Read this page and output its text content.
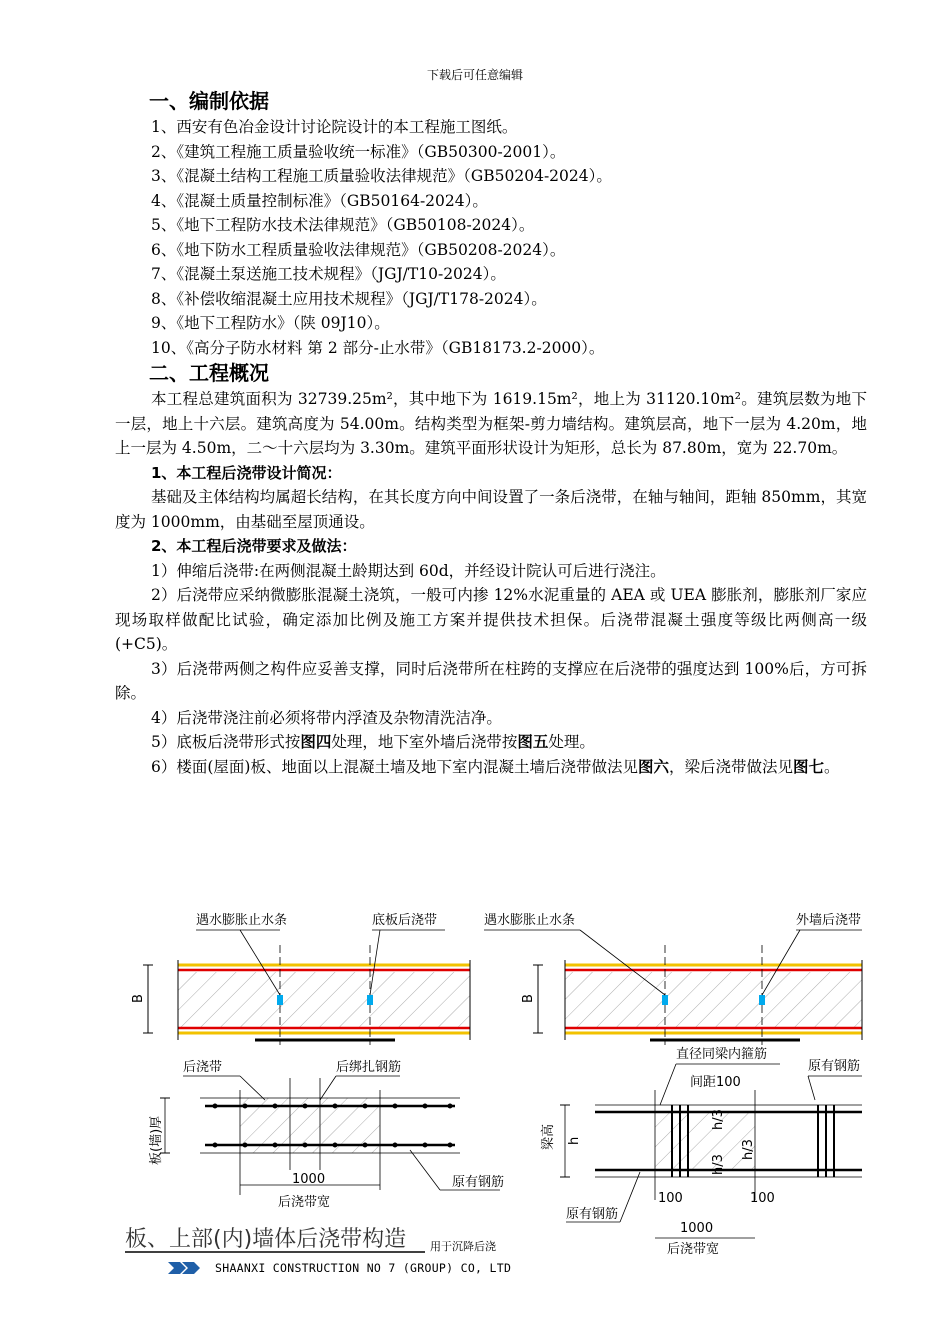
下载后可任意编辑
一、编制依据
1、西安有色冶金设计讨论院设计的本工程施工图纸。
2、《建筑工程施工质量验收统一标准》（GB50300-2001）。
3、《混凝土结构工程施工质量验收法律规范》（GB50204-2024）。
4、《混凝土质量控制标准》（GB50164-2024）。
5、《地下工程防水技术法律规范》（GB50108-2024）。
6、《地下防水工程质量验收法律规范》（GB50208-2024）。
7、《混凝土泵送施工技术规程》（JGJ/T10-2024）。
8、《补偿收缩混凝土应用技术规程》（JGJ/T178-2024）。
9、《地下工程防水》（陕 09J10）。
10、《高分子防水材料 第 2 部分-止水带》（GB18173.2-2000）。
二、工程概况

本工程总建筑面积为 32739.25m²，其中地下为 1619.15m²，地上为 31120.10m²。建筑层数为地下一层，地上十六层。建筑高度为 54.00m。结构类型为框架-剪力墙结构。建筑层高，地下一层为 4.20m，地上一层为 4.50m，二～十六层均为 3.30m。建筑平面形状设计为矩形，总长为 87.80m，宽为 22.70m。

1、本工程后浇带设计简况：

基础及主体结构均属超长结构，在其长度方向中间设置了一条后浇带，在轴与轴间，距轴 850mm，其宽度为 1000mm，由基础至屋顶通设。

2、本工程后浇带要求及做法：

1）伸缩后浇带:在两侧混凝土龄期达到 60d，并经设计院认可后进行浇注。

2）后浇带应采纳微膨胀混凝土浇筑，一般可内掺 12%水泥重量的 AEA 或 UEA 膨胀剂，膨胀剂厂家应现场取样做配比试验，确定添加比例及施工方案并提供技术担保。后浇带混凝土强度等级比两侧高一级(+C5)。

3）后浇带两侧之构件应妥善支撑，同时后浇带所在柱跨的支撑应在后浇带的强度达到 100%后，方可拆除。

4）后浇带浇注前必须将带内浮渣及杂物清洗洁净。

5）底板后浇带形式按图四处理，地下室外墙后浇带按图五处理。

6）楼面(屋面)板、地面以上混凝土墙及地下室内混凝土墙后浇带做法见图六，梁后浇带做法见图七。

B
遇水膨胀止水条	底板后浇带
B
遇水膨胀止水条	外墙后浇带
后浇带	后绑扎钢筋
板(墙)厚
1000
后浇带宽
原有钢筋
直径同梁内箍筋
间距100
原有钢筋
梁高 h
h/3
h/3
h/3
原有钢筋
100	100
1000
后浇带宽
板、上部(内)墙体后浇带构造 用于沉降后浇
SHAANXI CONSTRUCTION NO 7 (GROUP) CO, LTD
